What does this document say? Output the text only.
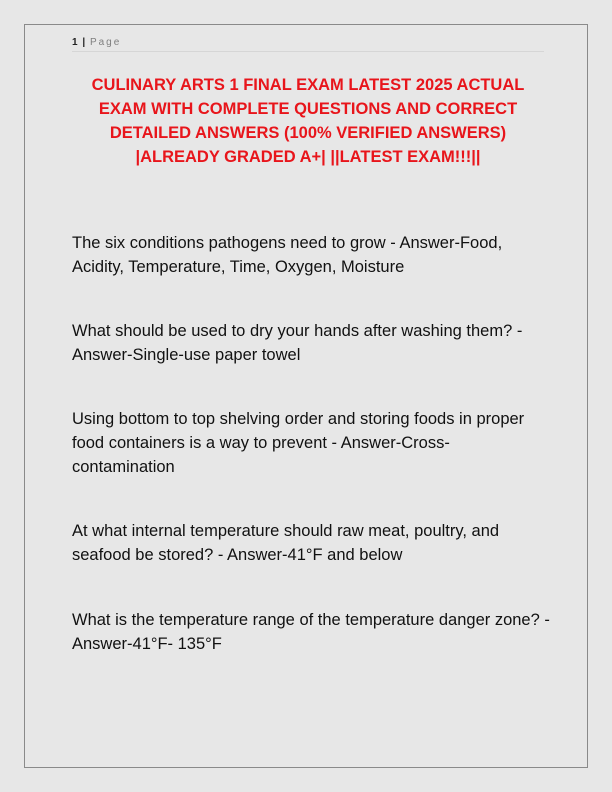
1 | Page
CULINARY ARTS 1 FINAL EXAM LATEST 2025 ACTUAL EXAM WITH COMPLETE QUESTIONS AND CORRECT DETAILED ANSWERS (100% VERIFIED ANSWERS) |ALREADY GRADED A+| ||LATEST EXAM!!!||

The six conditions pathogens need to grow - Answer-Food, Acidity, Temperature, Time, Oxygen, Moisture

What should be used to dry your hands after washing them? - Answer-Single-use paper towel

Using bottom to top shelving order and storing foods in proper food containers is a way to prevent - Answer-Cross-contamination

At what internal temperature should raw meat, poultry, and seafood be stored? - Answer-41°F and below

What is the temperature range of the temperature danger zone? - Answer-41°F- 135°F
